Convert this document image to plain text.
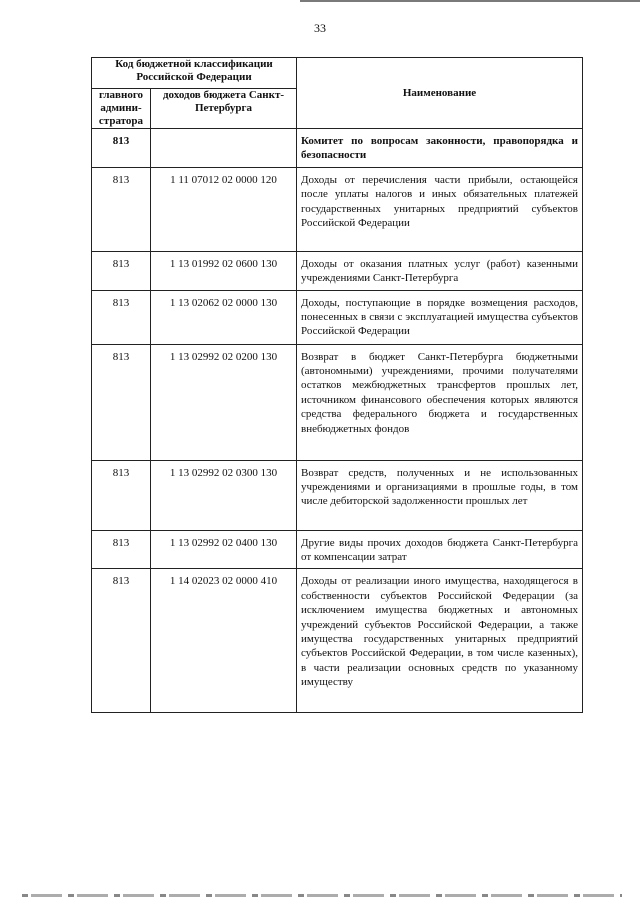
33
Код бюджетной классификации Российской Федерации		Наименование
главного админи-стратора	доходов бюджета Санкт-Петербурга	
813		Комитет по вопросам законности, правопорядка и безопасности
813	1 11 07012 02 0000 120	Доходы от перечисления части прибыли, остающейся после уплаты налогов и иных обязательных платежей государственных унитарных предприятий субъектов Российской Федерации
813	1 13 01992 02 0600 130	Доходы от оказания платных услуг (работ) казенными учреждениями Санкт-Петербурга
813	1 13 02062 02 0000 130	Доходы, поступающие в порядке возмещения расходов, понесенных в связи с эксплуатацией имущества субъектов Российской Федерации
813	1 13 02992 02 0200 130	Возврат в бюджет Санкт-Петербурга бюджетными (автономными) учреждениями, прочими получателями остатков межбюджетных трансфертов прошлых лет, источником финансового обеспечения которых являются средства федерального бюджета и государственных внебюджетных фондов
813	1 13 02992 02 0300 130	Возврат средств, полученных и не использованных учреждениями и организациями в прошлые годы, в том числе дебиторской задолженности прошлых лет
813	1 13 02992 02 0400 130	Другие виды прочих доходов бюджета Санкт-Петербурга от компенсации затрат
813	1 14 02023 02 0000 410	Доходы от реализации иного имущества, находящегося в собственности субъектов Российской Федерации (за исключением имущества бюджетных и автономных учреждений субъектов Российской Федерации, а также имущества государственных унитарных предприятий субъектов Российской Федерации, в том числе казенных), в части реализации основных средств по указанному имуществу
